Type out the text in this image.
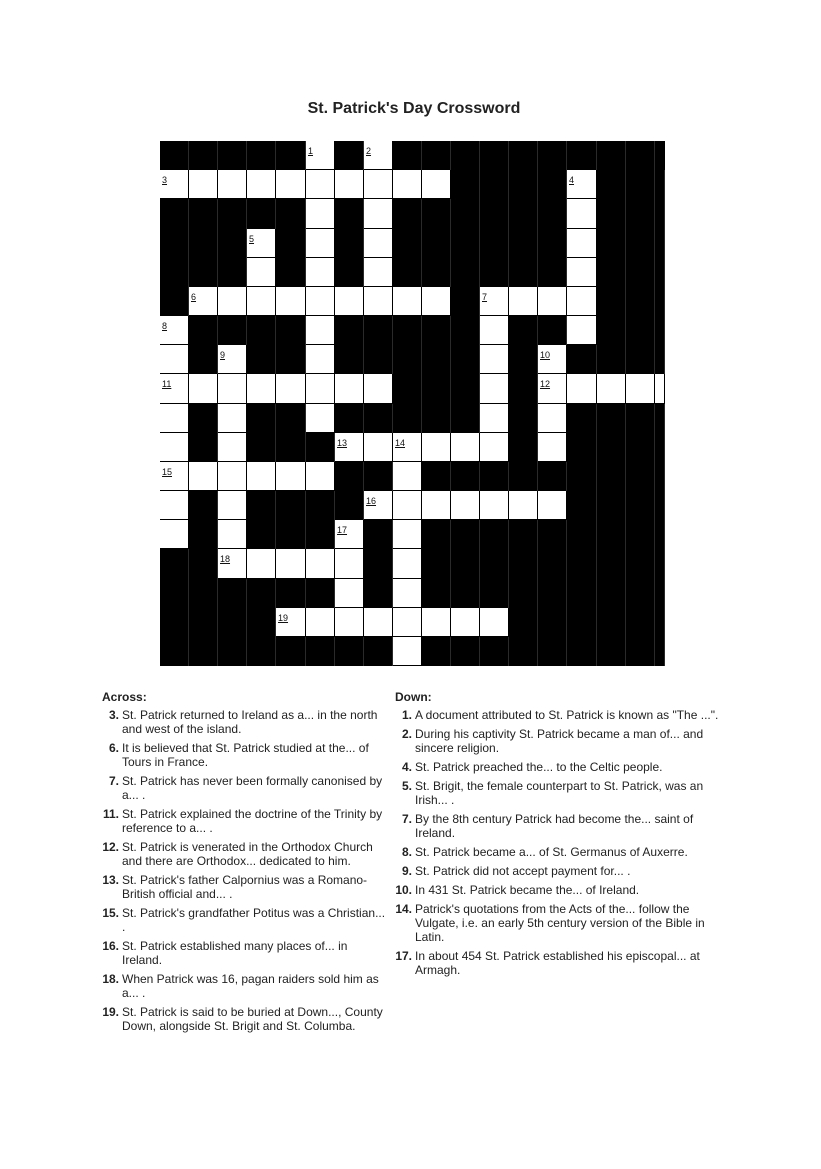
St. Patrick's Day Crossword
1	2
3	4
5
6	7
8
9	10
11	12
13	14
15
16
17
18
19
Across:
3. St. Patrick returned to Ireland as a... in the north and west of the island.
6. It is believed that St. Patrick studied at the... of Tours in France.
7. St. Patrick has never been formally canonised by a... .
11. St. Patrick explained the doctrine of the Trinity by reference to a... .
12. St. Patrick is venerated in the Orthodox Church and there are Orthodox... dedicated to him.
13. St. Patrick's father Calpornius was a Romano-British official and... .
15. St. Patrick's grandfather Potitus was a Christian... .
16. St. Patrick established many places of... in Ireland.
18. When Patrick was 16, pagan raiders sold him as a... .
19. St. Patrick is said to be buried at Down..., County Down, alongside St. Brigit and St. Columba.
Down:
1. A document attributed to St. Patrick is known as "The ...".
2. During his captivity St. Patrick became a man of... and sincere religion.
4. St. Patrick preached the... to the Celtic people.
5. St. Brigit, the female counterpart to St. Patrick, was an Irish... .
7. By the 8th century Patrick had become the... saint of Ireland.
8. St. Patrick became a... of St. Germanus of Auxerre.
9. St. Patrick did not accept payment for... .
10. In 431 St. Patrick became the... of Ireland.
14. Patrick's quotations from the Acts of the... follow the Vulgate, i.e. an early 5th century version of the Bible in Latin.
17. In about 454 St. Patrick established his episcopal... at Armagh.
